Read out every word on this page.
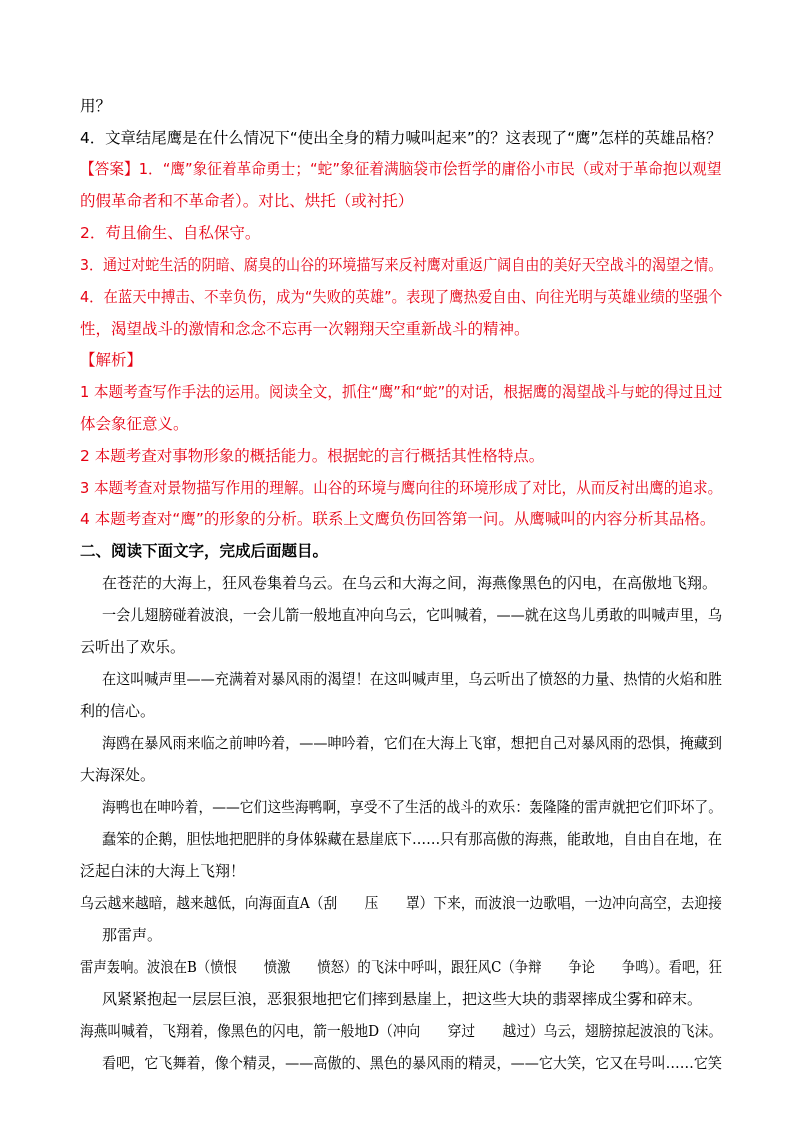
用？
4．文章结尾鹰是在什么情况下“使出全身的精力喊叫起来”的？这表现了“鹰”怎样的英雄品格？
【答案】1．“鹰”象征着革命勇士；“蛇”象征着满脑袋市侩哲学的庸俗小市民（或对于革命抱以观望
的假革命者和不革命者）。对比、烘托（或衬托）
2．苟且偷生、自私保守。
3．通过对蛇生活的阴暗、腐臭的山谷的环境描写来反衬鹰对重返广阔自由的美好天空战斗的渴望之情。
4．在蓝天中搏击、不幸负伤，成为“失败的英雄”。表现了鹰热爱自由、向往光明与英雄业绩的坚强个
性，渴望战斗的激情和念念不忘再一次翱翔天空重新战斗的精神。
【解析】
1 本题考查写作手法的运用。阅读全文，抓住“鹰”和“蛇”的对话，根据鹰的渴望战斗与蛇的得过且过
体会象征意义。
2 本题考查对事物形象的概括能力。根据蛇的言行概括其性格特点。
3 本题考查对景物描写作用的理解。山谷的环境与鹰向往的环境形成了对比，从而反衬出鹰的追求。
4 本题考查对“鹰”的形象的分析。联系上文鹰负伤回答第一问。从鹰喊叫的内容分析其品格。
二、阅读下面文字，完成后面题目。
在苍茫的大海上，狂风卷集着乌云。在乌云和大海之间，海燕像黑色的闪电，在高傲地飞翔。
一会儿翅膀碰着波浪，一会儿箭一般地直冲向乌云，它叫喊着，——就在这鸟儿勇敢的叫喊声里，乌
云听出了欢乐。
在这叫喊声里——充满着对暴风雨的渴望！在这叫喊声里，乌云听出了愤怒的力量、热情的火焰和胜
利的信心。
海鸥在暴风雨来临之前呻吟着，——呻吟着，它们在大海上飞窜，想把自己对暴风雨的恐惧，掩藏到
大海深处。
海鸭也在呻吟着，——它们这些海鸭啊，享受不了生活的战斗的欢乐：轰隆隆的雷声就把它们吓坏了。
蠢笨的企鹅，胆怯地把肥胖的身体躲藏在悬崖底下……只有那高傲的海燕，能敢地，自由自在地，在
泛起白沫的大海上飞翔！
乌云越来越暗，越来越低，向海面直A（刮　　压　　罩）下来，而波浪一边歌唱，一边冲向高空，去迎接
那雷声。
雷声轰响。波浪在B（愤恨　　愤激　　愤怒）的飞沫中呼叫，跟狂风C（争辩　　争论　　争鸣）。看吧，狂
风紧紧抱起一层层巨浪，恶狠狠地把它们摔到悬崖上，把这些大块的翡翠摔成尘雾和碎末。
海燕叫喊着，飞翔着，像黑色的闪电，箭一般地D（冲向　　穿过　　越过）乌云，翅膀掠起波浪的飞沫。
看吧，它飞舞着，像个精灵，——高傲的、黑色的暴风雨的精灵，——它大笑，它又在号叫……它笑
